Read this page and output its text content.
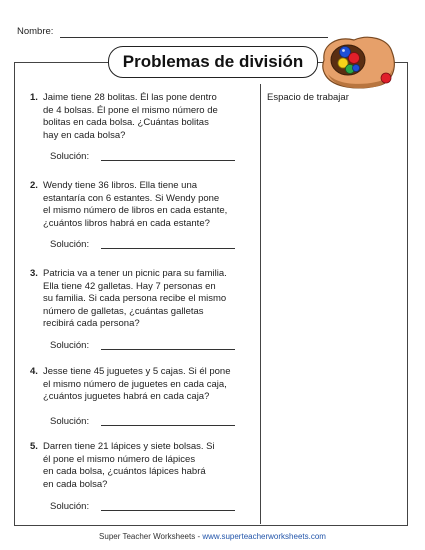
Nombre:
Problemas de división
Espacio de trabajar
1. Jaime tiene 28 bolitas. Él las pone dentro
de 4 bolsas. Él pone el mismo número de
bolitas en cada bolsa. ¿Cuántas bolitas
hay en cada bolsa?
Solución:
2. Wendy tiene 36 libros. Ella tiene una
estantaría con 6 estantes. Si Wendy pone
el mismo número de libros en cada estante,
¿cuántos libros habrá en cada estante?
Solución:
3. Patricia va a tener un picnic para su familia.
Ella tiene 42 galletas. Hay 7 personas en
su familia. Si cada persona recibe el mismo
número de galletas, ¿cuántas galletas
recibirá cada persona?
Solución:
4. Jesse tiene 45 juguetes y 5 cajas. Si él pone
el mismo número de juguetes en cada caja,
¿cuántos juguetes habrá en cada caja?
Solución:
5. Darren tiene 21 lápices y siete bolsas. Si
él pone el mismo número de lápices
en cada bolsa, ¿cuántos lápices habrá
en cada bolsa?
Solución:
Super Teacher Worksheets - www.superteacherworksheets.com
